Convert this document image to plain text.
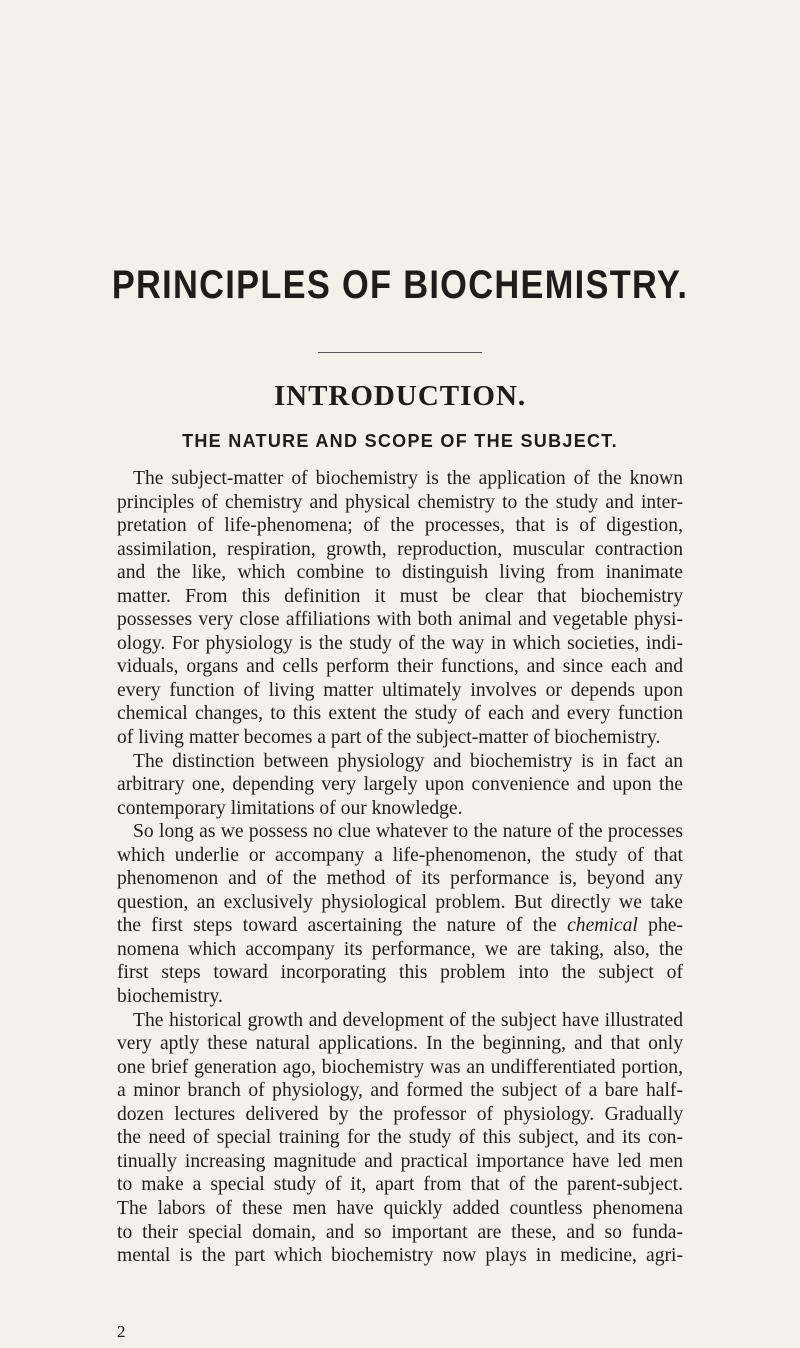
PRINCIPLES OF BIOCHEMISTRY.
INTRODUCTION.
THE NATURE AND SCOPE OF THE SUBJECT.
The subject-matter of biochemistry is the application of the known
principles of chemistry and physical chemistry to the study and inter-
pretation of life-phenomena; of the processes, that is of digestion,
assimilation, respiration, growth, reproduction, muscular contraction
and the like, which combine to distinguish living from inanimate
matter. From this definition it must be clear that biochemistry
possesses very close affiliations with both animal and vegetable physi-
ology. For physiology is the study of the way in which societies, indi-
viduals, organs and cells perform their functions, and since each and
every function of living matter ultimately involves or depends upon
chemical changes, to this extent the study of each and every function
of living matter becomes a part of the subject-matter of biochemistry.
The distinction between physiology and biochemistry is in fact an
arbitrary one, depending very largely upon convenience and upon the
contemporary limitations of our knowledge.
So long as we possess no clue whatever to the nature of the processes
which underlie or accompany a life-phenomenon, the study of that
phenomenon and of the method of its performance is, beyond any
question, an exclusively physiological problem. But directly we take
the first steps toward ascertaining the nature of the chemical phe-
nomena which accompany its performance, we are taking, also, the
first steps toward incorporating this problem into the subject of
biochemistry.
The historical growth and development of the subject have illustrated
very aptly these natural applications. In the beginning, and that only
one brief generation ago, biochemistry was an undifferentiated portion,
a minor branch of physiology, and formed the subject of a bare half-
dozen lectures delivered by the professor of physiology. Gradually
the need of special training for the study of this subject, and its con-
tinually increasing magnitude and practical importance have led men
to make a special study of it, apart from that of the parent-subject.
The labors of these men have quickly added countless phenomena
to their special domain, and so important are these, and so funda-
mental is the part which biochemistry now plays in medicine, agri-

2
